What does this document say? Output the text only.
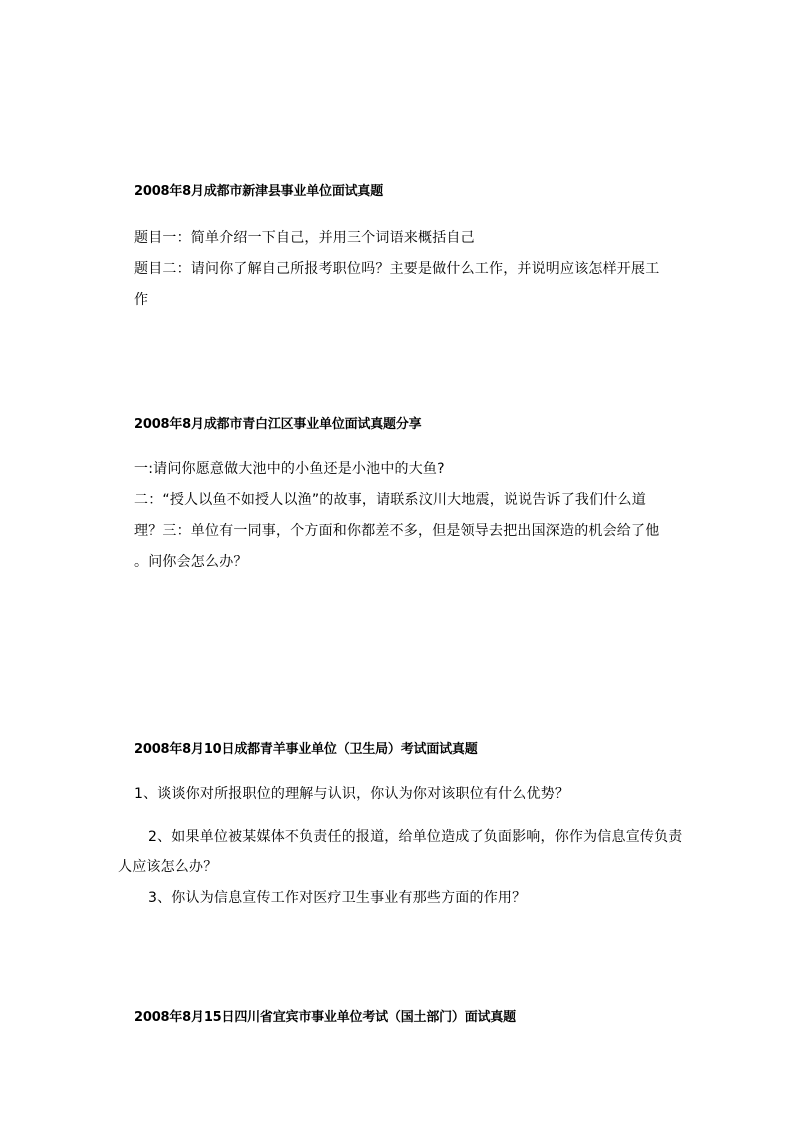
2008年8月成都市新津县事业单位面试真题
题目一：简单介绍一下自己，并用三个词语来概括自己
题目二：请问你了解自己所报考职位吗？主要是做什么工作，并说明应该怎样开展工
作
2008年8月成都市青白江区事业单位面试真题分享
一:请问你愿意做大池中的小鱼还是小池中的大鱼?
二：“授人以鱼不如授人以渔”的故事，请联系汶川大地震，说说告诉了我们什么道
理？三：单位有一同事，个方面和你都差不多，但是领导去把出国深造的机会给了他
。问你会怎么办？
2008年8月10日成都青羊事业单位（卫生局）考试面试真题
1、谈谈你对所报职位的理解与认识，你认为你对该职位有什么优势？
2、如果单位被某媒体不负责任的报道，给单位造成了负面影响，你作为信息宣传负责
人应该怎么办？
3、你认为信息宣传工作对医疗卫生事业有那些方面的作用？
2008年8月15日四川省宜宾市事业单位考试（国土部门）面试真题
